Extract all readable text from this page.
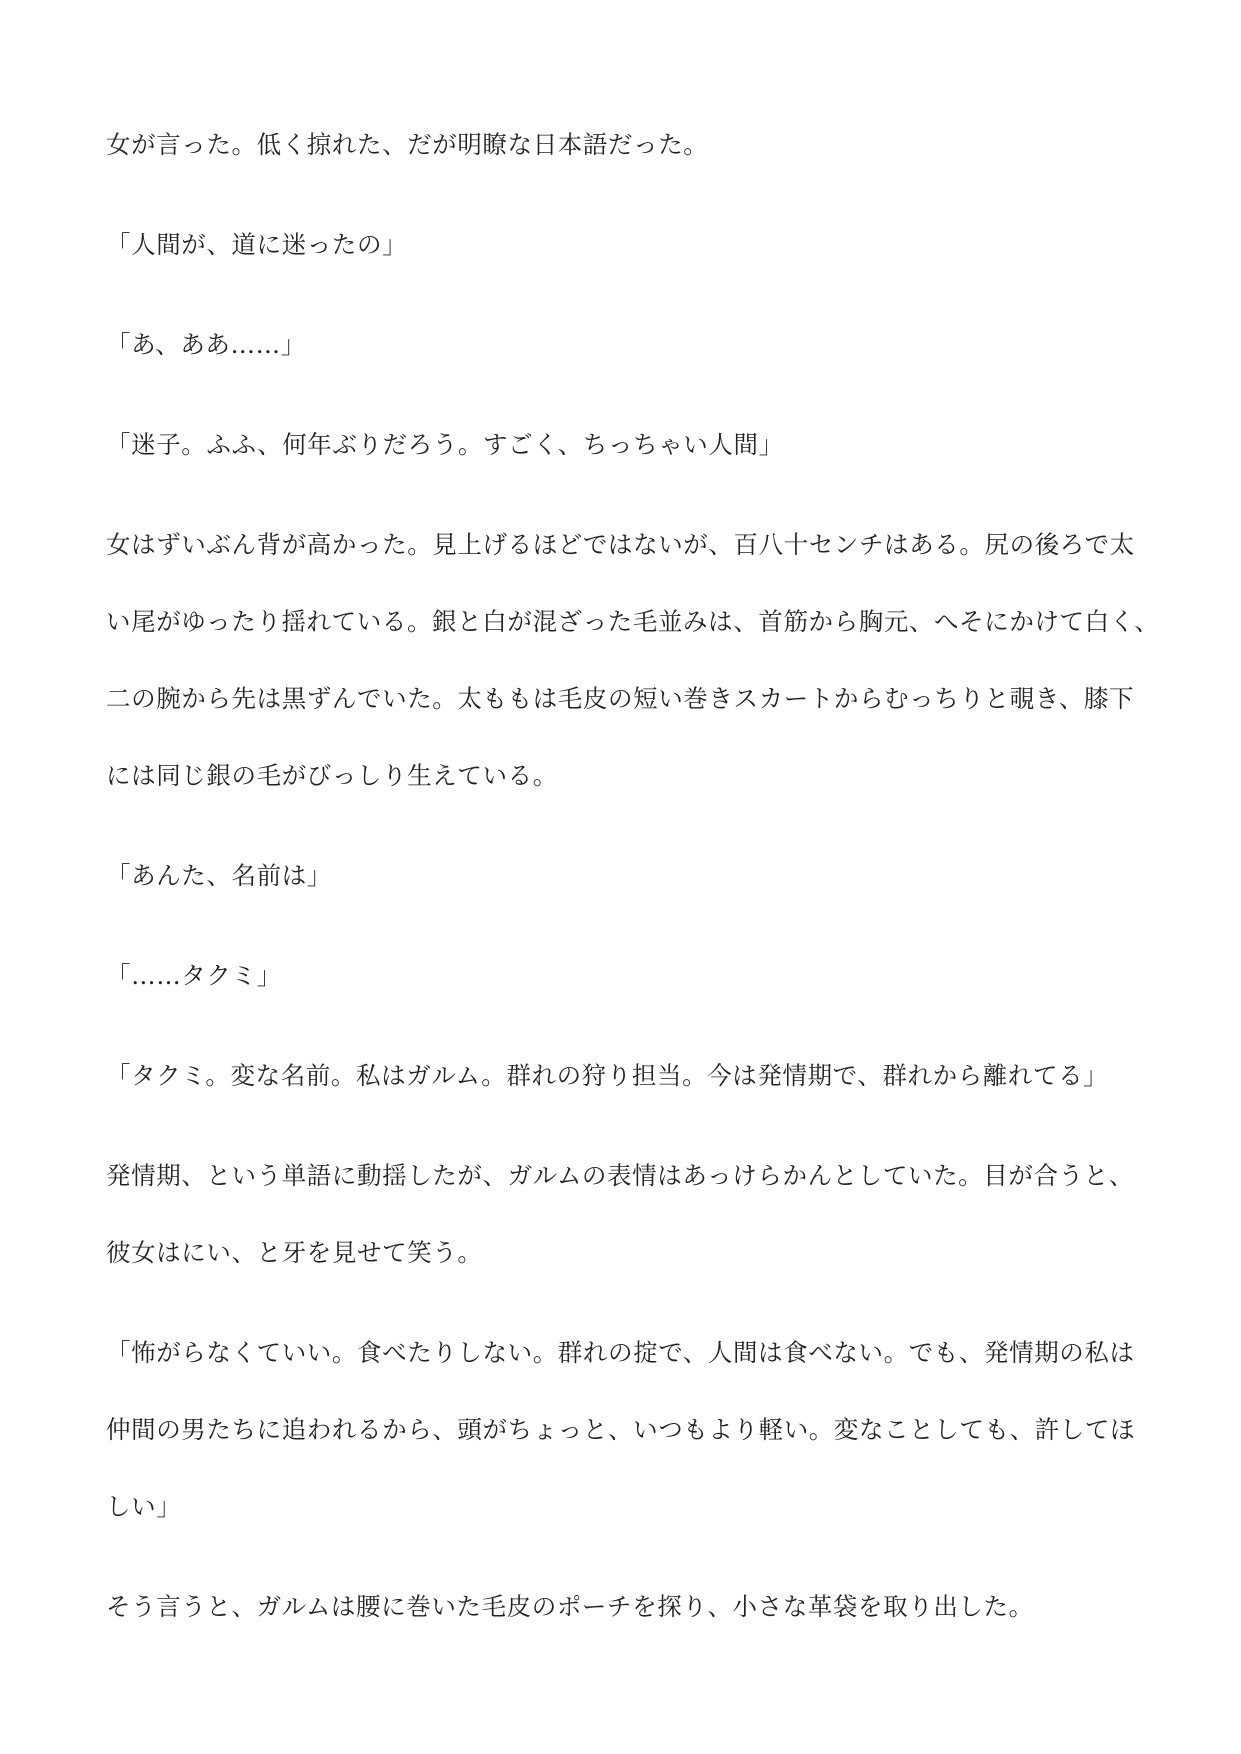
女が言った。低く掠れた、だが明瞭な日本語だった。

「人間が、道に迷ったの」

「あ、ああ……」

「迷子。ふふ、何年ぶりだろう。すごく、ちっちゃい人間」

女はずいぶん背が高かった。見上げるほどではないが、百八十センチはある。尻の後ろで太

い尾がゆったり揺れている。銀と白が混ざった毛並みは、首筋から胸元、へそにかけて白く、

二の腕から先は黒ずんでいた。太ももは毛皮の短い巻きスカートからむっちりと覗き、膝下

には同じ銀の毛がびっしり生えている。

「あんた、名前は」

「……タクミ」

「タクミ。変な名前。私はガルム。群れの狩り担当。今は発情期で、群れから離れてる」

発情期、という単語に動揺したが、ガルムの表情はあっけらかんとしていた。目が合うと、

彼女はにい、と牙を見せて笑う。

「怖がらなくていい。食べたりしない。群れの掟で、人間は食べない。でも、発情期の私は

仲間の男たちに追われるから、頭がちょっと、いつもより軽い。変なことしても、許してほ

しい」

そう言うと、ガルムは腰に巻いた毛皮のポーチを探り、小さな革袋を取り出した。
